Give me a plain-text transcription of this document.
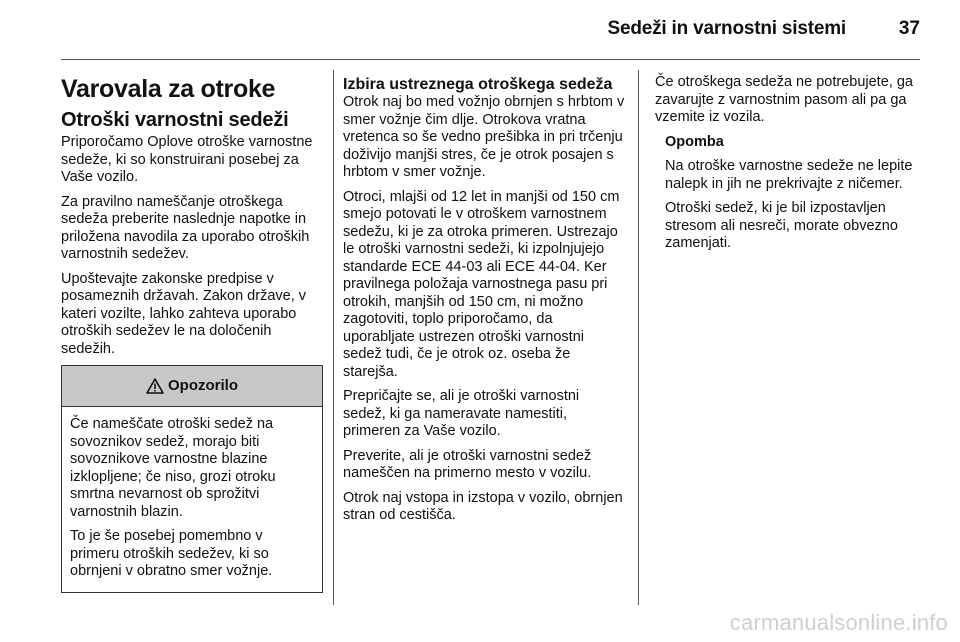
Sedeži in varnostni sistemi	37
Varovala za otroke
Otroški varnostni sedeži

Priporočamo Oplove otroške varnostne sedeže, ki so konstruirani posebej za Vaše vozilo.

Za pravilno nameščanje otroškega sedeža preberite naslednje napotke in priložena navodila za uporabo otroških varnostnih sedežev.

Upoštevajte zakonske predpise v posameznih državah. Zakon države, v kateri vozilte, lahko zahteva uporabo otroških sedežev le na določenih sedežih.

Opozorilo

Če nameščate otroški sedež na sovoznikov sedež, morajo biti sovoznikove varnostne blazine izklopljene; če niso, grozi otroku smrtna nevarnost ob sprožitvi varnostnih blazin.

To je še posebej pomembno v primeru otroških sedežev, ki so obrnjeni v obratno smer vožnje.

Izbira ustreznega otroškega sedeža

Otrok naj bo med vožnjo obrnjen s hrbtom v smer vožnje čim dlje. Otrokova vratna vretenca so še vedno prešibka in pri trčenju doživijo manjši stres, če je otrok posajen s hrbtom v smer vožnje.

Otroci, mlajši od 12 let in manjši od 150 cm smejo potovati le v otroškem varnostnem sedežu, ki je za otroka primeren. Ustrezajo le otroški varnostni sedeži, ki izpolnjujejo standarde ECE 44-03 ali ECE 44-04. Ker pravilnega položaja varnostnega pasu pri otrokih, manjših od 150 cm, ni možno zagotoviti, toplo priporočamo, da uporabljate ustrezen otroški varnostni sedež tudi, če je otrok oz. oseba že starejša.

Prepričajte se, ali je otroški varnostni sedež, ki ga nameravate namestiti, primeren za Vaše vozilo.

Preverite, ali je otroški varnostni sedež nameščen na primerno mesto v vozilu.

Otrok naj vstopa in izstopa v vozilo, obrnjen stran od cestišča.

Če otroškega sedeža ne potrebujete, ga zavarujte z varnostnim pasom ali pa ga vzemite iz vozila.

Opomba

Na otroške varnostne sedeže ne lepite nalepk in jih ne prekrivajte z ničemer.

Otroški sedež, ki je bil izpostavljen stresom ali nesreči, morate obvezno zamenjati.

carmanualsonline.info
